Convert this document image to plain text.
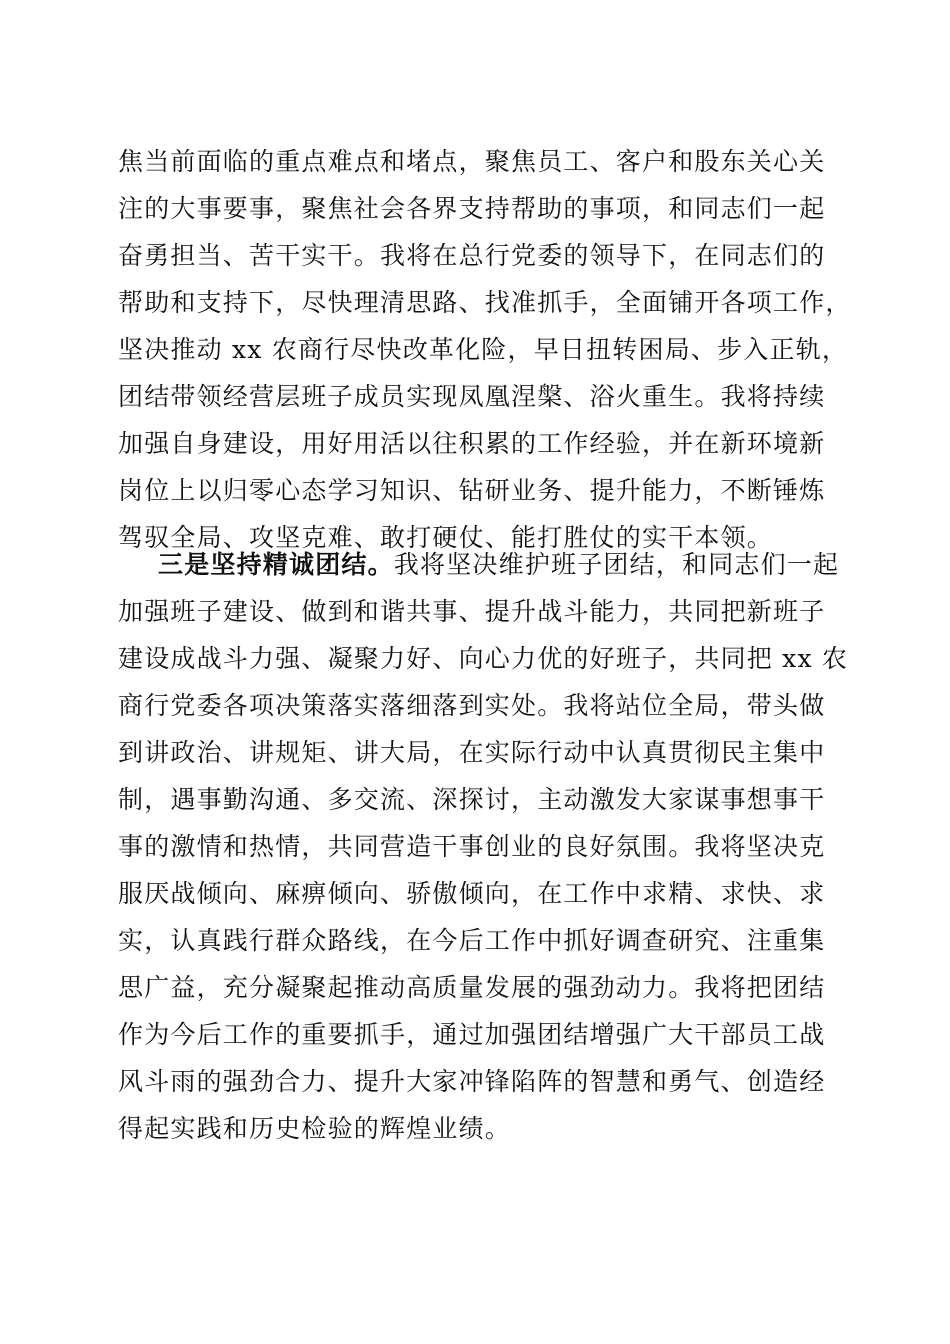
焦当前面临的重点难点和堵点，聚焦员工、客户和股东关心关
注的大事要事，聚焦社会各界支持帮助的事项，和同志们一起
奋勇担当、苦干实干。我将在总行党委的领导下，在同志们的
帮助和支持下，尽快理清思路、找准抓手，全面铺开各项工作，
坚决推动 xx 农商行尽快改革化险，早日扭转困局、步入正轨，
团结带领经营层班子成员实现凤凰涅槃、浴火重生。我将持续
加强自身建设，用好用活以往积累的工作经验，并在新环境新
岗位上以归零心态学习知识、钻研业务、提升能力，不断锤炼
驾驭全局、攻坚克难、敢打硬仗、能打胜仗的实干本领。
三是坚持精诚团结。我将坚决维护班子团结，和同志们一起
加强班子建设、做到和谐共事、提升战斗能力，共同把新班子
建设成战斗力强、凝聚力好、向心力优的好班子，共同把 xx 农
商行党委各项决策落实落细落到实处。我将站位全局，带头做
到讲政治、讲规矩、讲大局，在实际行动中认真贯彻民主集中
制，遇事勤沟通、多交流、深探讨，主动激发大家谋事想事干
事的激情和热情，共同营造干事创业的良好氛围。我将坚决克
服厌战倾向、麻痹倾向、骄傲倾向，在工作中求精、求快、求
实，认真践行群众路线，在今后工作中抓好调查研究、注重集
思广益，充分凝聚起推动高质量发展的强劲动力。我将把团结
作为今后工作的重要抓手，通过加强团结增强广大干部员工战
风斗雨的强劲合力、提升大家冲锋陷阵的智慧和勇气、创造经
得起实践和历史检验的辉煌业绩。
